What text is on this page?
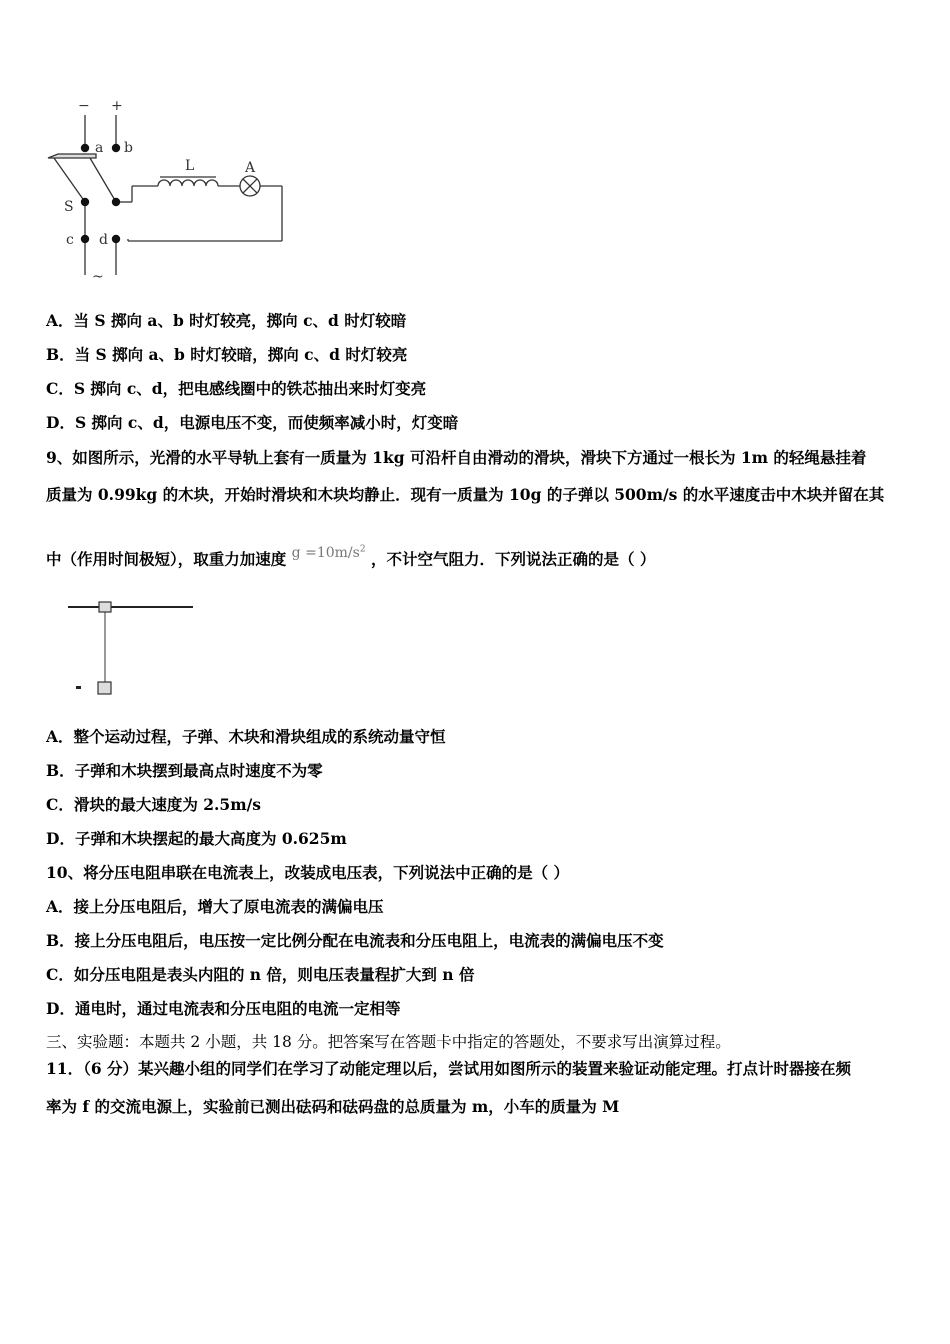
− +
a b
L	A
S
c d
~
A．当 S 掷向 a、b 时灯较亮，掷向 c、d 时灯较暗
B．当 S 掷向 a、b 时灯较暗，掷向 c、d 时灯较亮
C．S 掷向 c、d，把电感线圈中的铁芯抽出来时灯变亮
D．S 掷向 c、d，电源电压不变，而使频率减小时，灯变暗
9、如图所示，光滑的水平导轨上套有一质量为 1kg 可沿杆自由滑动的滑块，滑块下方通过一根长为 1m 的轻绳悬挂着
质量为 0.99kg 的木块，开始时滑块和木块均静止．现有一质量为 10g 的子弹以 500m/s 的水平速度击中木块并留在其
中（作用时间极短），取重力加速度 $g =10m/s^2$ ，不计空气阻力．下列说法正确的是（ ）
A．整个运动过程，子弹、木块和滑块组成的系统动量守恒
B．子弹和木块摆到最高点时速度不为零
C．滑块的最大速度为 2.5m/s
D．子弹和木块摆起的最大高度为 0.625m
10、将分压电阻串联在电流表上，改装成电压表，下列说法中正确的是（ ）
A．接上分压电阻后，增大了原电流表的满偏电压
B．接上分压电阻后，电压按一定比例分配在电流表和分压电阻上，电流表的满偏电压不变
C．如分压电阻是表头内阻的 n 倍，则电压表量程扩大到 n 倍
D．通电时，通过电流表和分压电阻的电流一定相等
三、实验题：本题共 2 小题，共 18 分。把答案写在答题卡中指定的答题处，不要求写出演算过程。
11．（6 分）某兴趣小组的同学们在学习了动能定理以后，尝试用如图所示的装置来验证动能定理。打点计时器接在频
率为 f 的交流电源上，实验前已测出砝码和砝码盘的总质量为 m，小车的质量为 M
